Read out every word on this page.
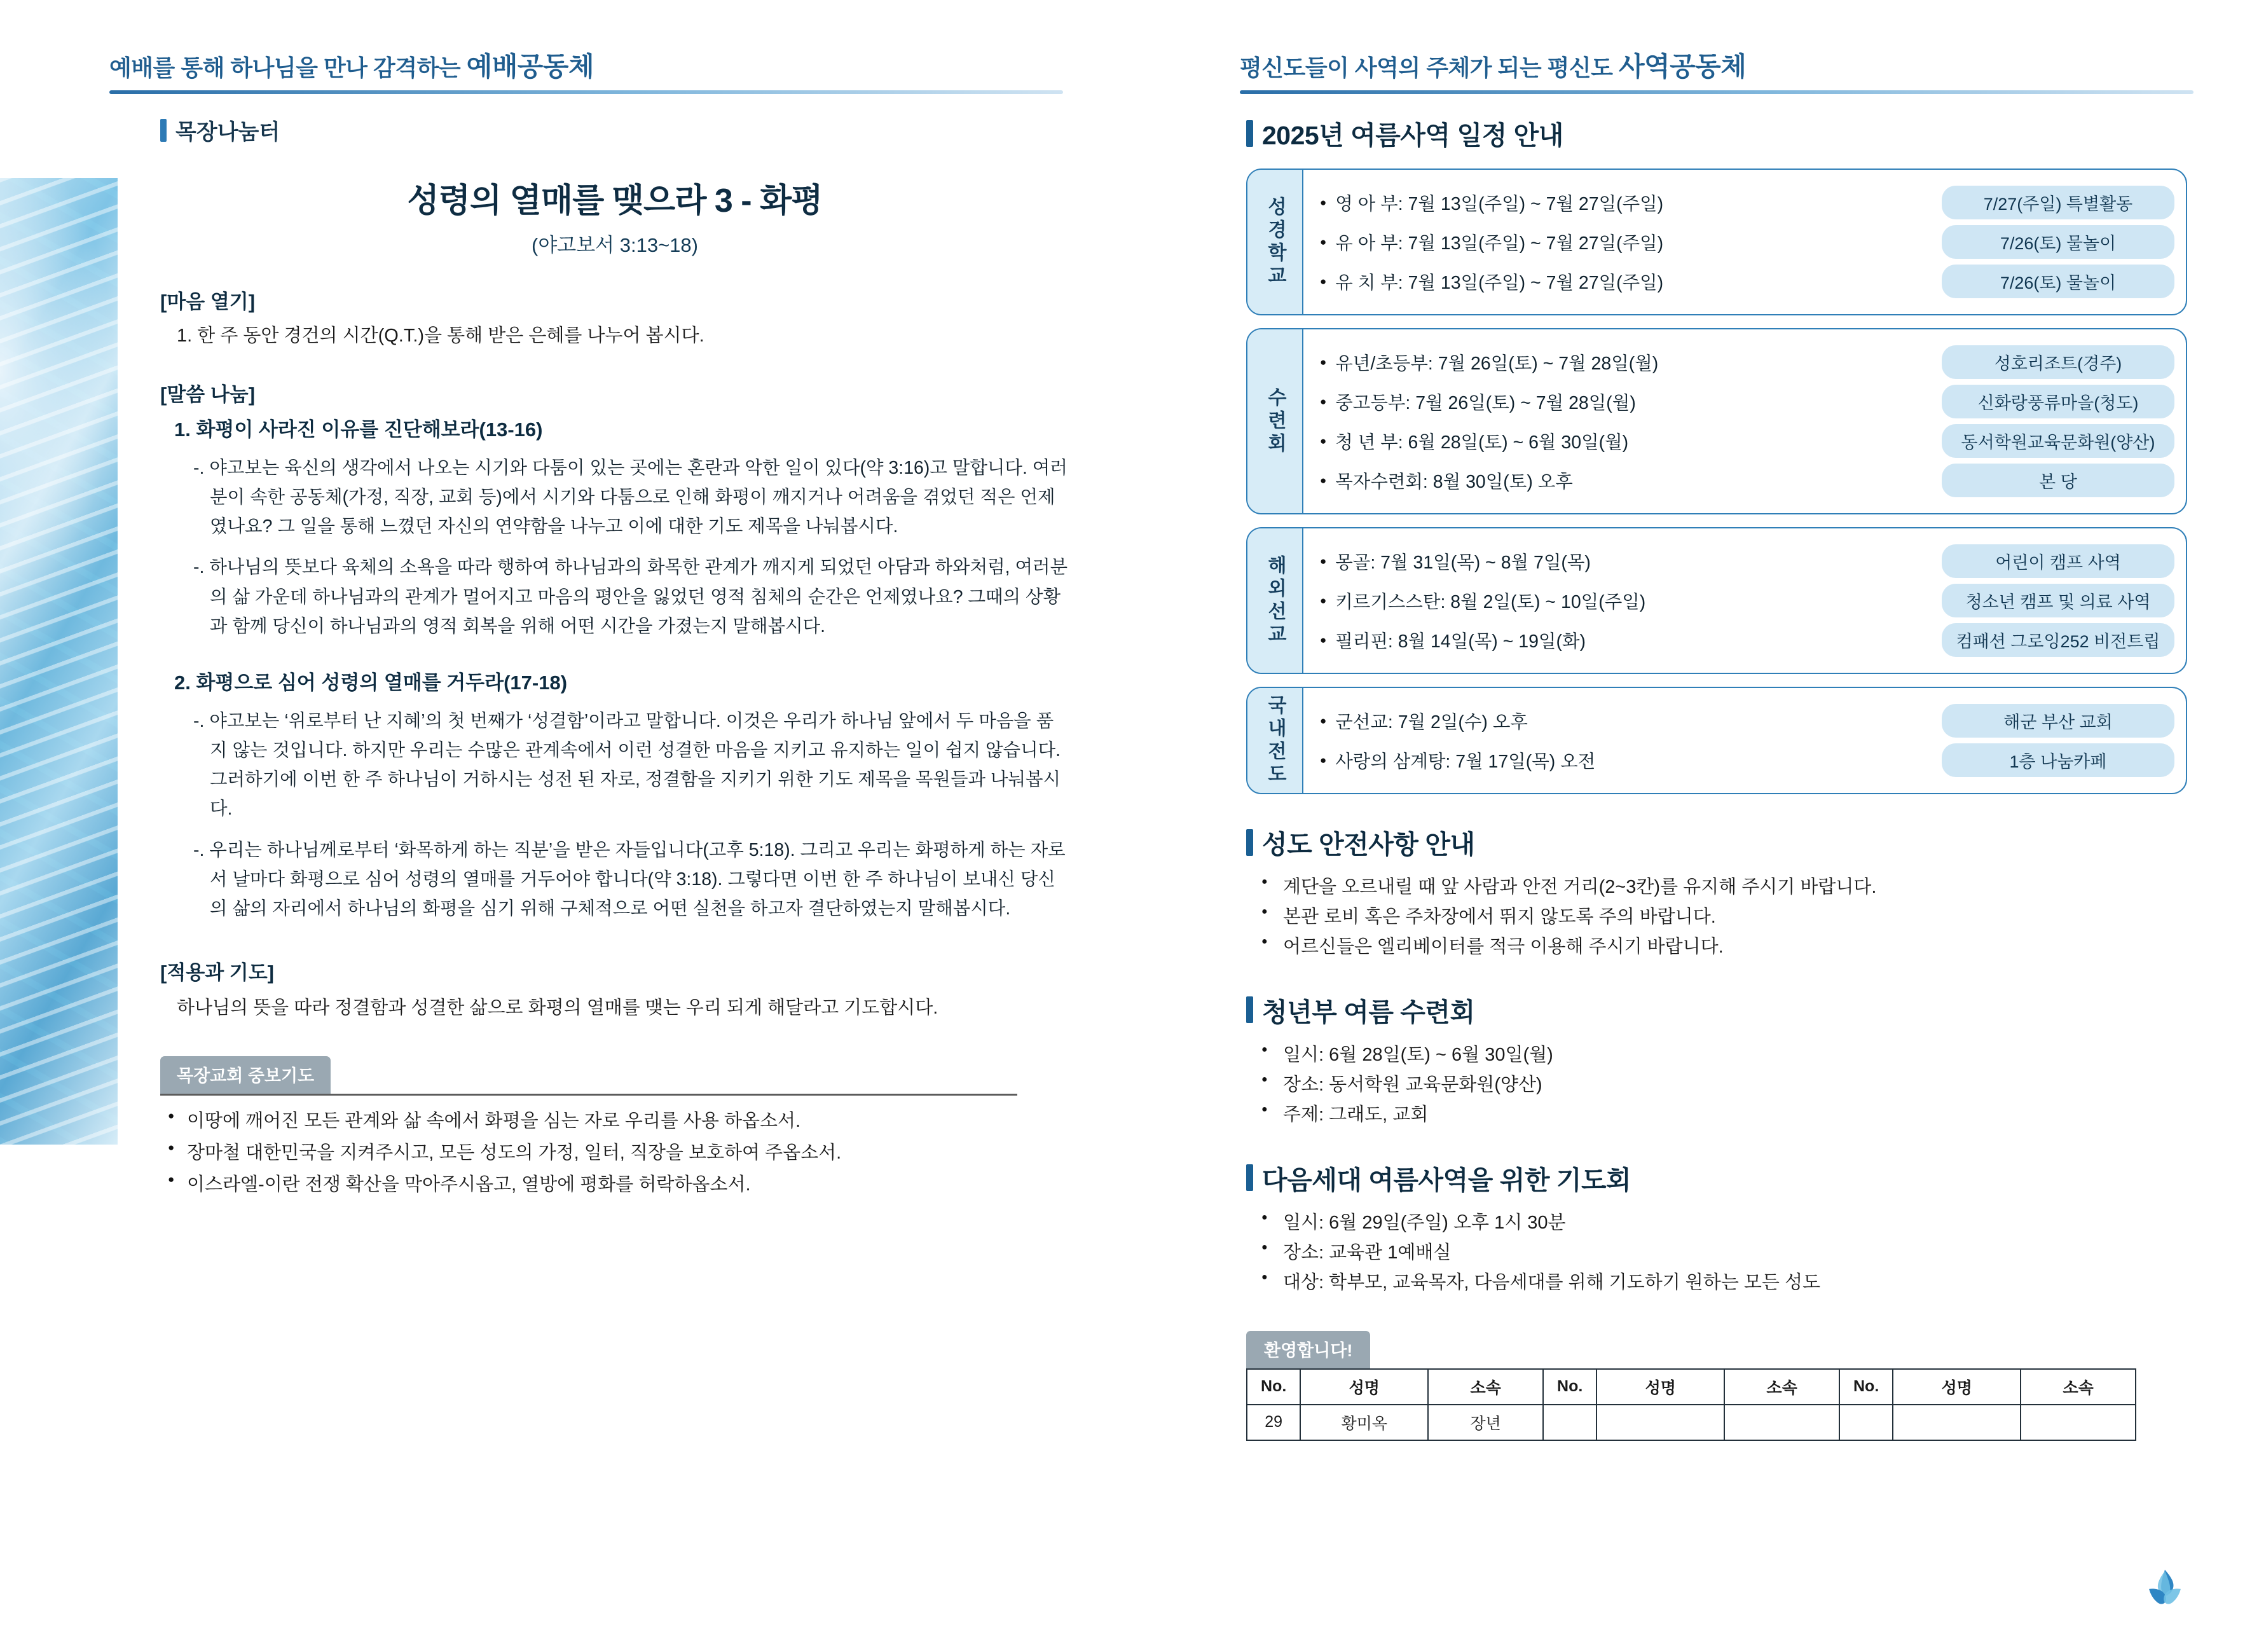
예배를 통해 하나님을 만나 감격하는 예배공동체	평신도들이 사역의 주체가 되는 평신도 사역공동체
목장나눔터
성령의 열매를 맺으라 3 - 화평
(야고보서 3:13~18)
[마음 열기]
1. 한 주 동안 경건의 시간(Q.T.)을 통해 받은 은혜를 나누어 봅시다.
[말씀 나눔]
1. 화평이 사라진 이유를 진단해보라(13-16)
-. 야고보는 육신의 생각에서 나오는 시기와 다툼이 있는 곳에는 혼란과 악한 일이 있다(약 3:16)고 말합니다. 여러분이 속한 공동체(가정, 직장, 교회 등)에서 시기와 다툼으로 인해 화평이 깨지거나 어려움을 겪었던 적은 언제였나요? 그 일을 통해 느꼈던 자신의 연약함을 나누고 이에 대한 기도 제목을 나눠봅시다.
-. 하나님의 뜻보다 육체의 소욕을 따라 행하여 하나님과의 화목한 관계가 깨지게 되었던 아담과 하와처럼, 여러분의 삶 가운데 하나님과의 관계가 멀어지고 마음의 평안을 잃었던 영적 침체의 순간은 언제였나요? 그때의 상황과 함께 당신이 하나님과의 영적 회복을 위해 어떤 시간을 가졌는지 말해봅시다.
2. 화평으로 심어 성령의 열매를 거두라(17-18)
-. 야고보는 ‘위로부터 난 지혜’의 첫 번째가 ‘성결함’이라고 말합니다. 이것은 우리가 하나님 앞에서 두 마음을 품지 않는 것입니다. 하지만 우리는 수많은 관계속에서 이런 성결한 마음을 지키고 유지하는 일이 쉽지 않습니다. 그러하기에 이번 한 주 하나님이 거하시는 성전 된 자로, 정결함을 지키기 위한 기도 제목을 목원들과 나눠봅시다.
-. 우리는 하나님께로부터 ‘화목하게 하는 직분’을 받은 자들입니다(고후 5:18). 그리고 우리는 화평하게 하는 자로서 날마다 화평으로 심어 성령의 열매를 거두어야 합니다(약 3:18). 그렇다면 이번 한 주 하나님이 보내신 당신의 삶의 자리에서 하나님의 화평을 심기 위해 구체적으로 어떤 실천을 하고자 결단하였는지 말해봅시다.
[적용과 기도]
하나님의 뜻을 따라 정결함과 성결한 삶으로 화평의 열매를 맺는 우리 되게 해달라고 기도합시다.
목장교회 중보기도
● 이땅에 깨어진 모든 관계와 삶 속에서 화평을 심는 자로 우리를 사용 하옵소서.
● 장마철 대한민국을 지켜주시고, 모든 성도의 가정, 일터, 직장을 보호하여 주옵소서.
● 이스라엘-이란 전쟁 확산을 막아주시옵고, 열방에 평화를 허락하옵소서.
2025년 여름사역 일정 안내
성경학교	● 영 아 부: 7월 13일(주일) ~ 7월 27일(주일)	7/27(주일) 특별활동
● 유 아 부: 7월 13일(주일) ~ 7월 27일(주일)	7/26(토) 물놀이
● 유 치 부: 7월 13일(주일) ~ 7월 27일(주일)	7/26(토) 물놀이
수련회
● 유년/초등부: 7월 26일(토) ~ 7월 28일(월)	성호리조트(경주)
● 중고등부: 7월 26일(토) ~ 7월 28일(월)	신화랑풍류마을(청도)
● 청 년 부: 6월 28일(토) ~ 6월 30일(월)	동서학원교육문화원(양산)
● 목자수련회: 8월 30일(토) 오후	본 당
해외선교	● 몽골: 7월 31일(목) ~ 8월 7일(목)	어린이 캠프 사역
● 키르기스스탄: 8월 2일(토) ~ 10일(주일)	청소년 캠프 및 의료 사역
● 필리핀: 8월 14일(목) ~ 19일(화)	컴패션 그로잉252 비전트립
국내전도	● 군선교: 7월 2일(수) 오후	해군 부산 교회
● 사랑의 삼계탕: 7월 17일(목) 오전	1층 나눔카페
성도 안전사항 안내
● 계단을 오르내릴 때 앞 사람과 안전 거리(2~3칸)를 유지해 주시기 바랍니다.
● 본관 로비 혹은 주차장에서 뛰지 않도록 주의 바랍니다.
● 어르신들은 엘리베이터를 적극 이용해 주시기 바랍니다.
청년부 여름 수련회
● 일시: 6월 28일(토) ~ 6월 30일(월)
● 장소: 동서학원 교육문화원(양산)
● 주제: 그래도, 교회
다음세대 여름사역을 위한 기도회
● 일시: 6월 29일(주일) 오후 1시 30분
● 장소: 교육관 1예배실
● 대상: 학부모, 교육목자, 다음세대를 위해 기도하기 원하는 모든 성도
환영합니다!
No.	성명	소속	No.	성명	소속	No.	성명	소속
29	황미옥	장년						
